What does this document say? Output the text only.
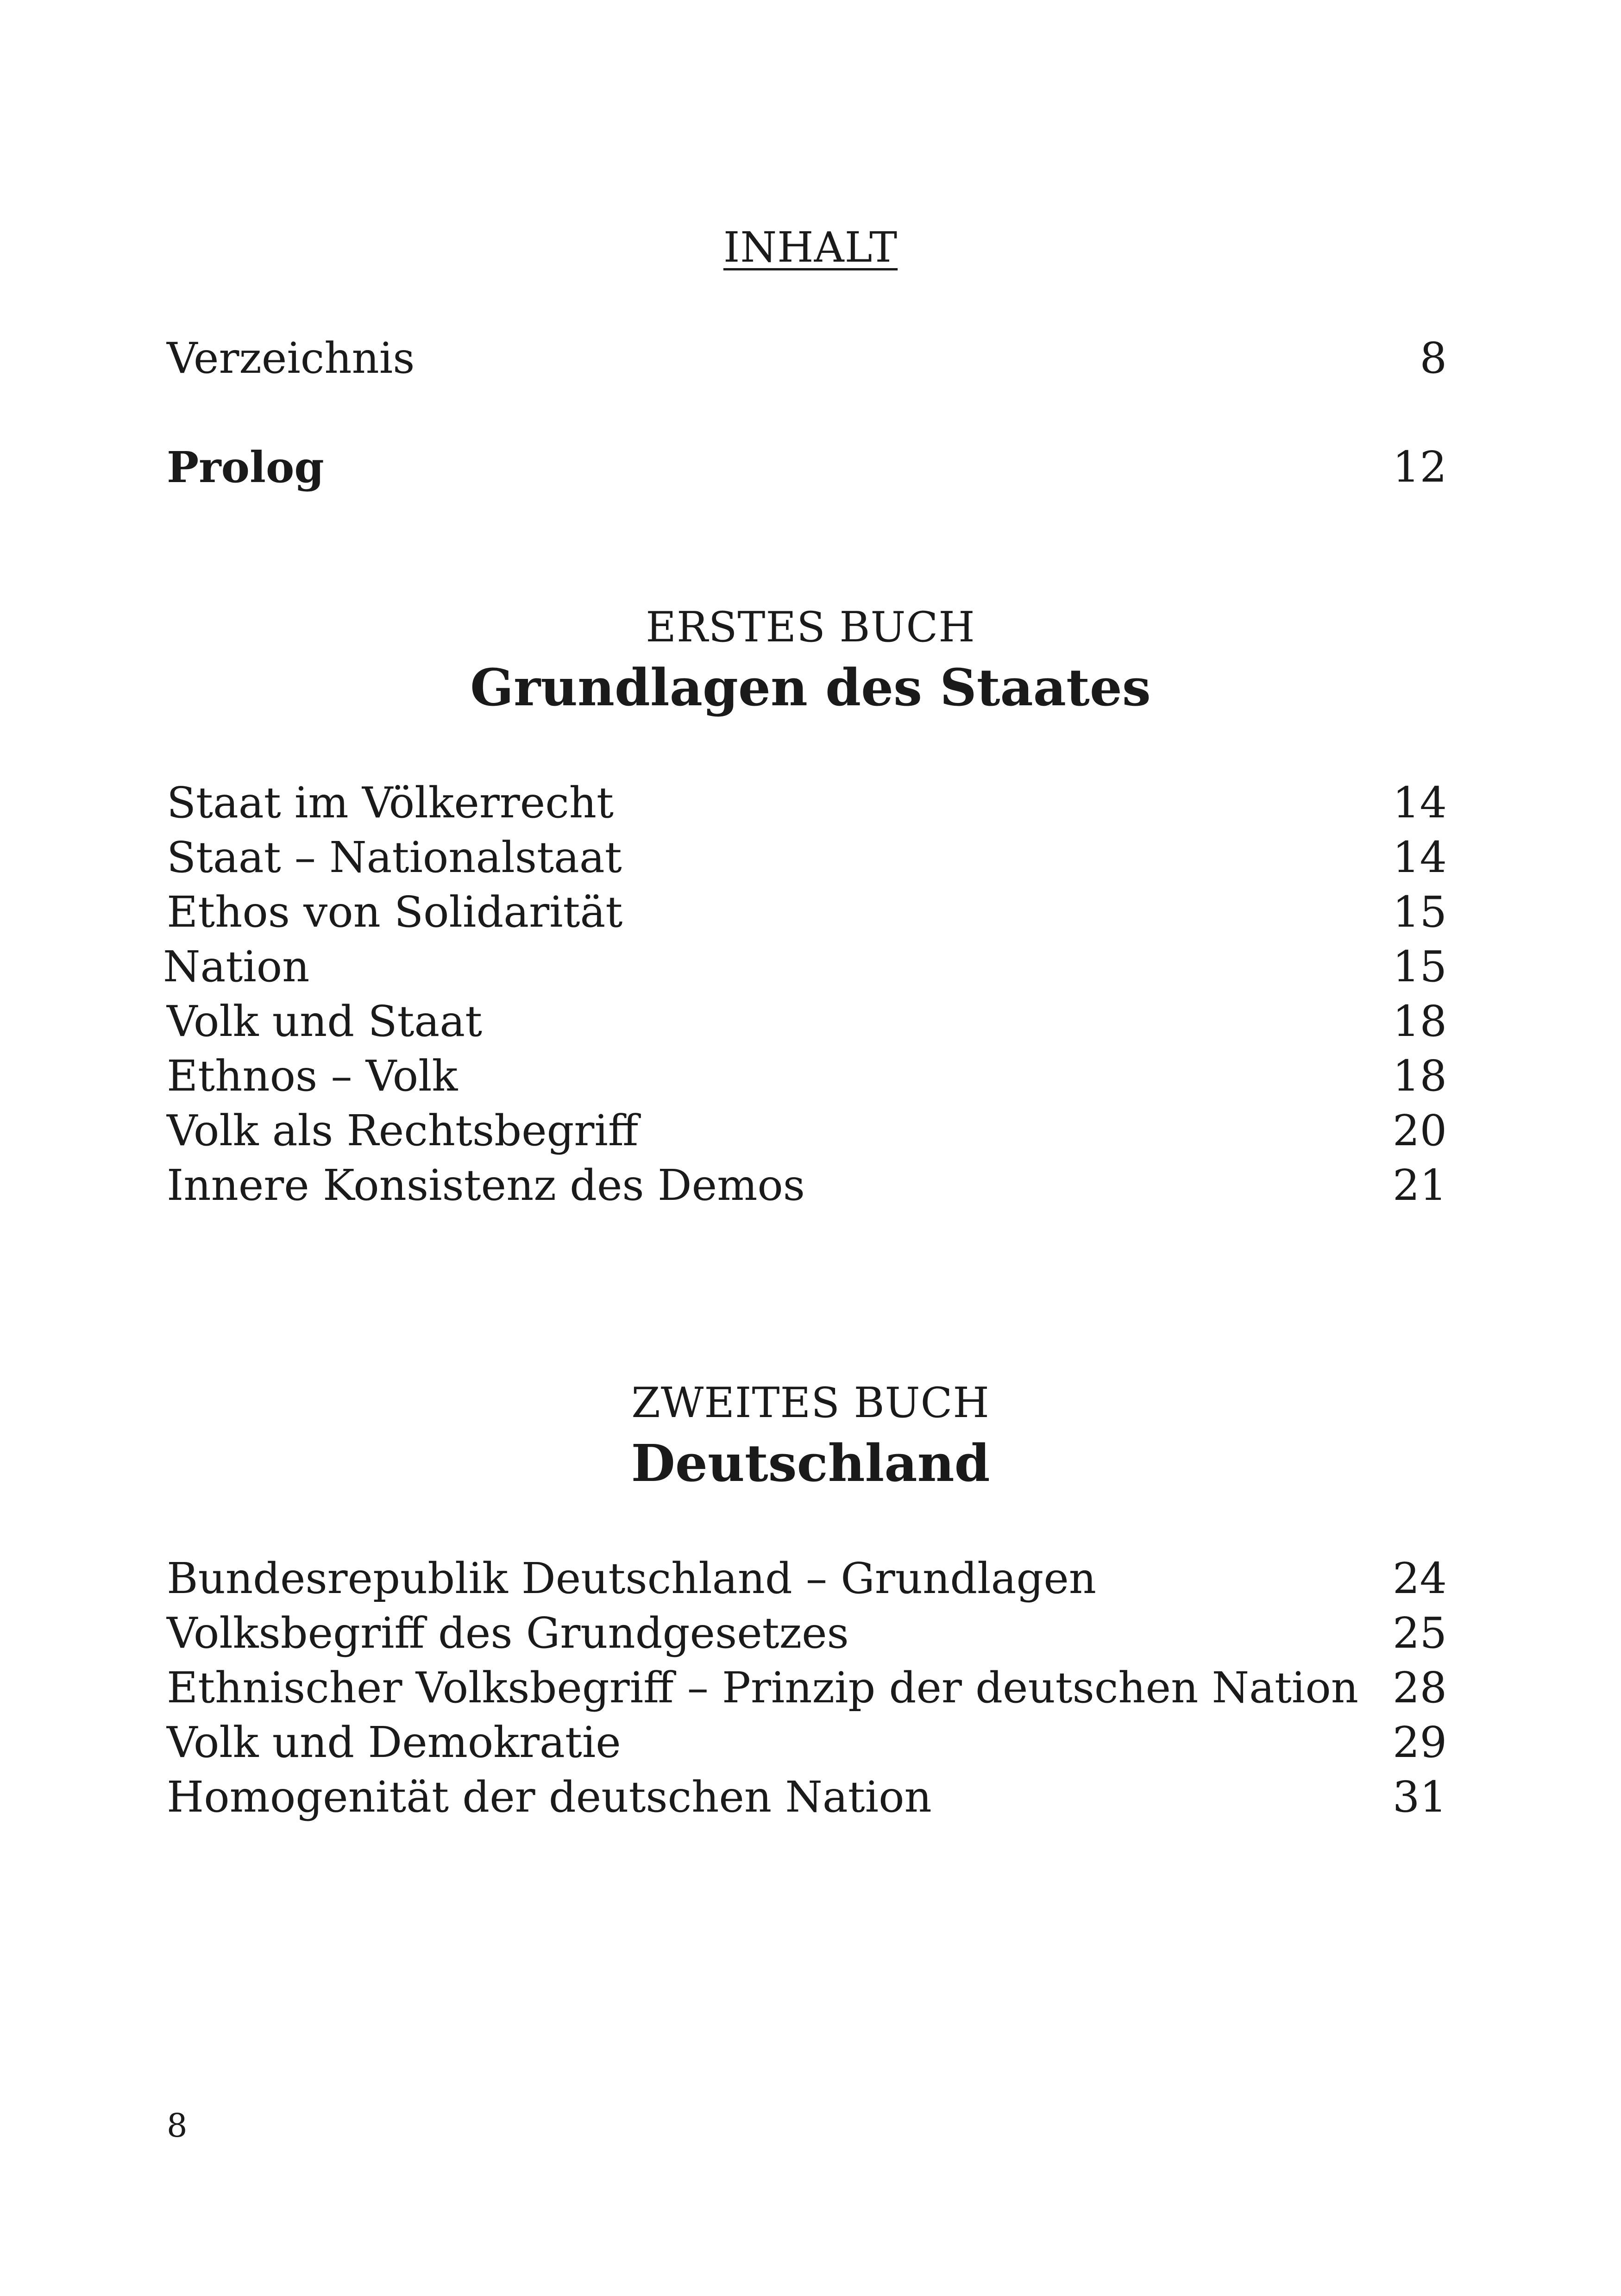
INHALT
Verzeichnis	8
Prolog	12
ERSTES BUCH
Grundlagen des Staates
Staat im Völkerrecht	14
Staat – Nationalstaat	14
Ethos von Solidarität	15
Nation	15
Volk und Staat	18
Ethnos – Volk	18
Volk als Rechtsbegriff	20
Innere Konsistenz des Demos	21
ZWEITES BUCH
Deutschland
Bundesrepublik Deutschland – Grundlagen	24
Volksbegriff des Grundgesetzes	25
Ethnischer Volksbegriff – Prinzip der deutschen Nation 28
Volk und Demokratie	29
Homogenität der deutschen Nation	31
8
